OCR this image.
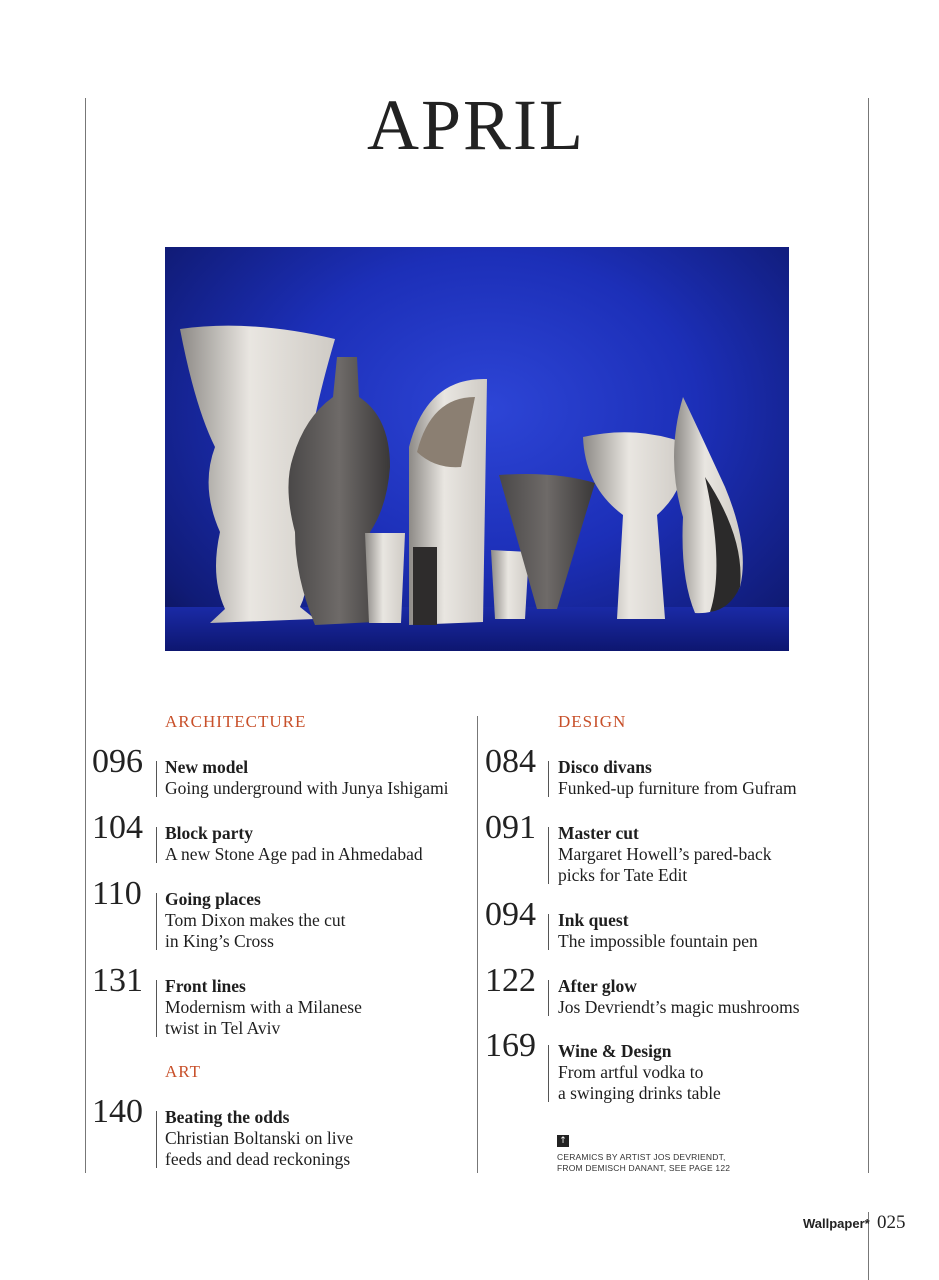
APRIL
ARCHITECTURE
096 New model
Going underground with Junya Ishigami
104 Block party
A new Stone Age pad in Ahmedabad
110 Going places
Tom Dixon makes the cut
in King’s Cross
131 Front lines
Modernism with a Milanese
twist in Tel Aviv
ART
140 Beating the odds
Christian Boltanski on live
feeds and dead reckonings
DESIGN
084 Disco divans
Funked-up furniture from Gufram
091 Master cut
Margaret Howell’s pared-back
picks for Tate Edit
094 Ink quest
The impossible fountain pen
122 After glow
Jos Devriendt’s magic mushrooms
169 Wine & Design
From artful vodka to
a swinging drinks table
↑
CERAMICS BY ARTIST JOS DEVRIENDT,
FROM DEMISCH DANANT, SEE PAGE 122
Wallpaper* 025
